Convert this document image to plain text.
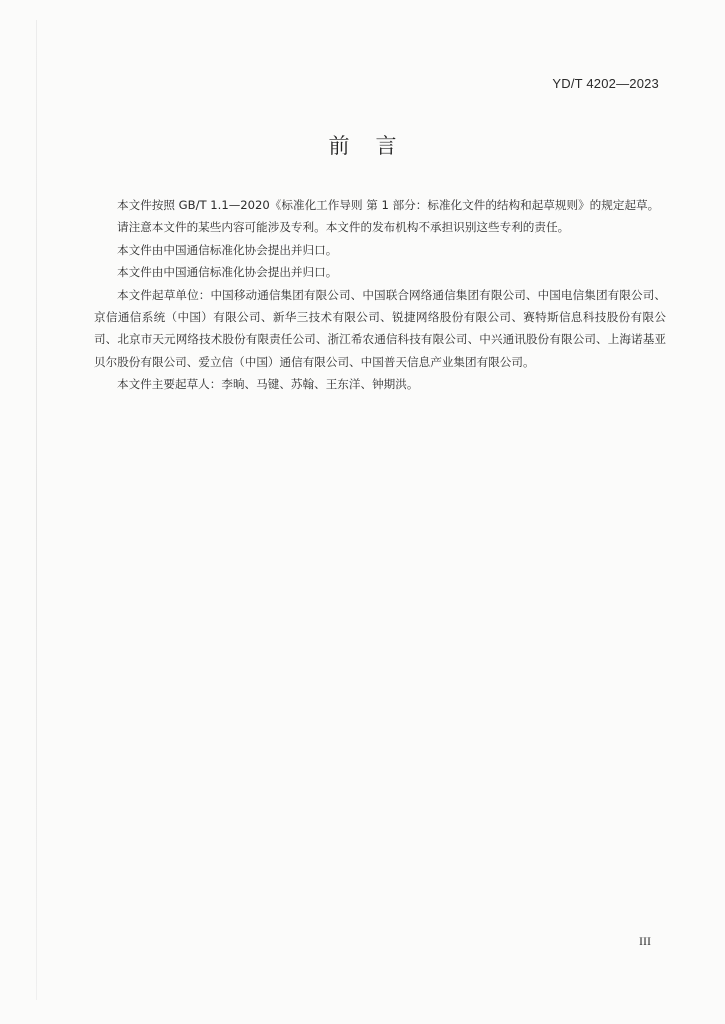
YD/T 4202—2023

前言

本文件按照 GB/T 1.1—2020《标准化工作导则 第 1 部分：标准化文件的结构和起草规则》的规定起草。

请注意本文件的某些内容可能涉及专利。本文件的发布机构不承担识别这些专利的责任。

本文件由中国通信标准化协会提出并归口。

本文件由中国通信标准化协会提出并归口。

本文件起草单位：中国移动通信集团有限公司、中国联合网络通信集团有限公司、中国电信集团有限公司、京信通信系统（中国）有限公司、新华三技术有限公司、锐捷网络股份有限公司、赛特斯信息科技股份有限公司、北京市天元网络技术股份有限责任公司、浙江希农通信科技有限公司、中兴通讯股份有限公司、上海诺基亚贝尔股份有限公司、爱立信（中国）通信有限公司、中国普天信息产业集团有限公司。

本文件主要起草人：李晌、马键、苏翰、王东洋、钟期洪。

III
